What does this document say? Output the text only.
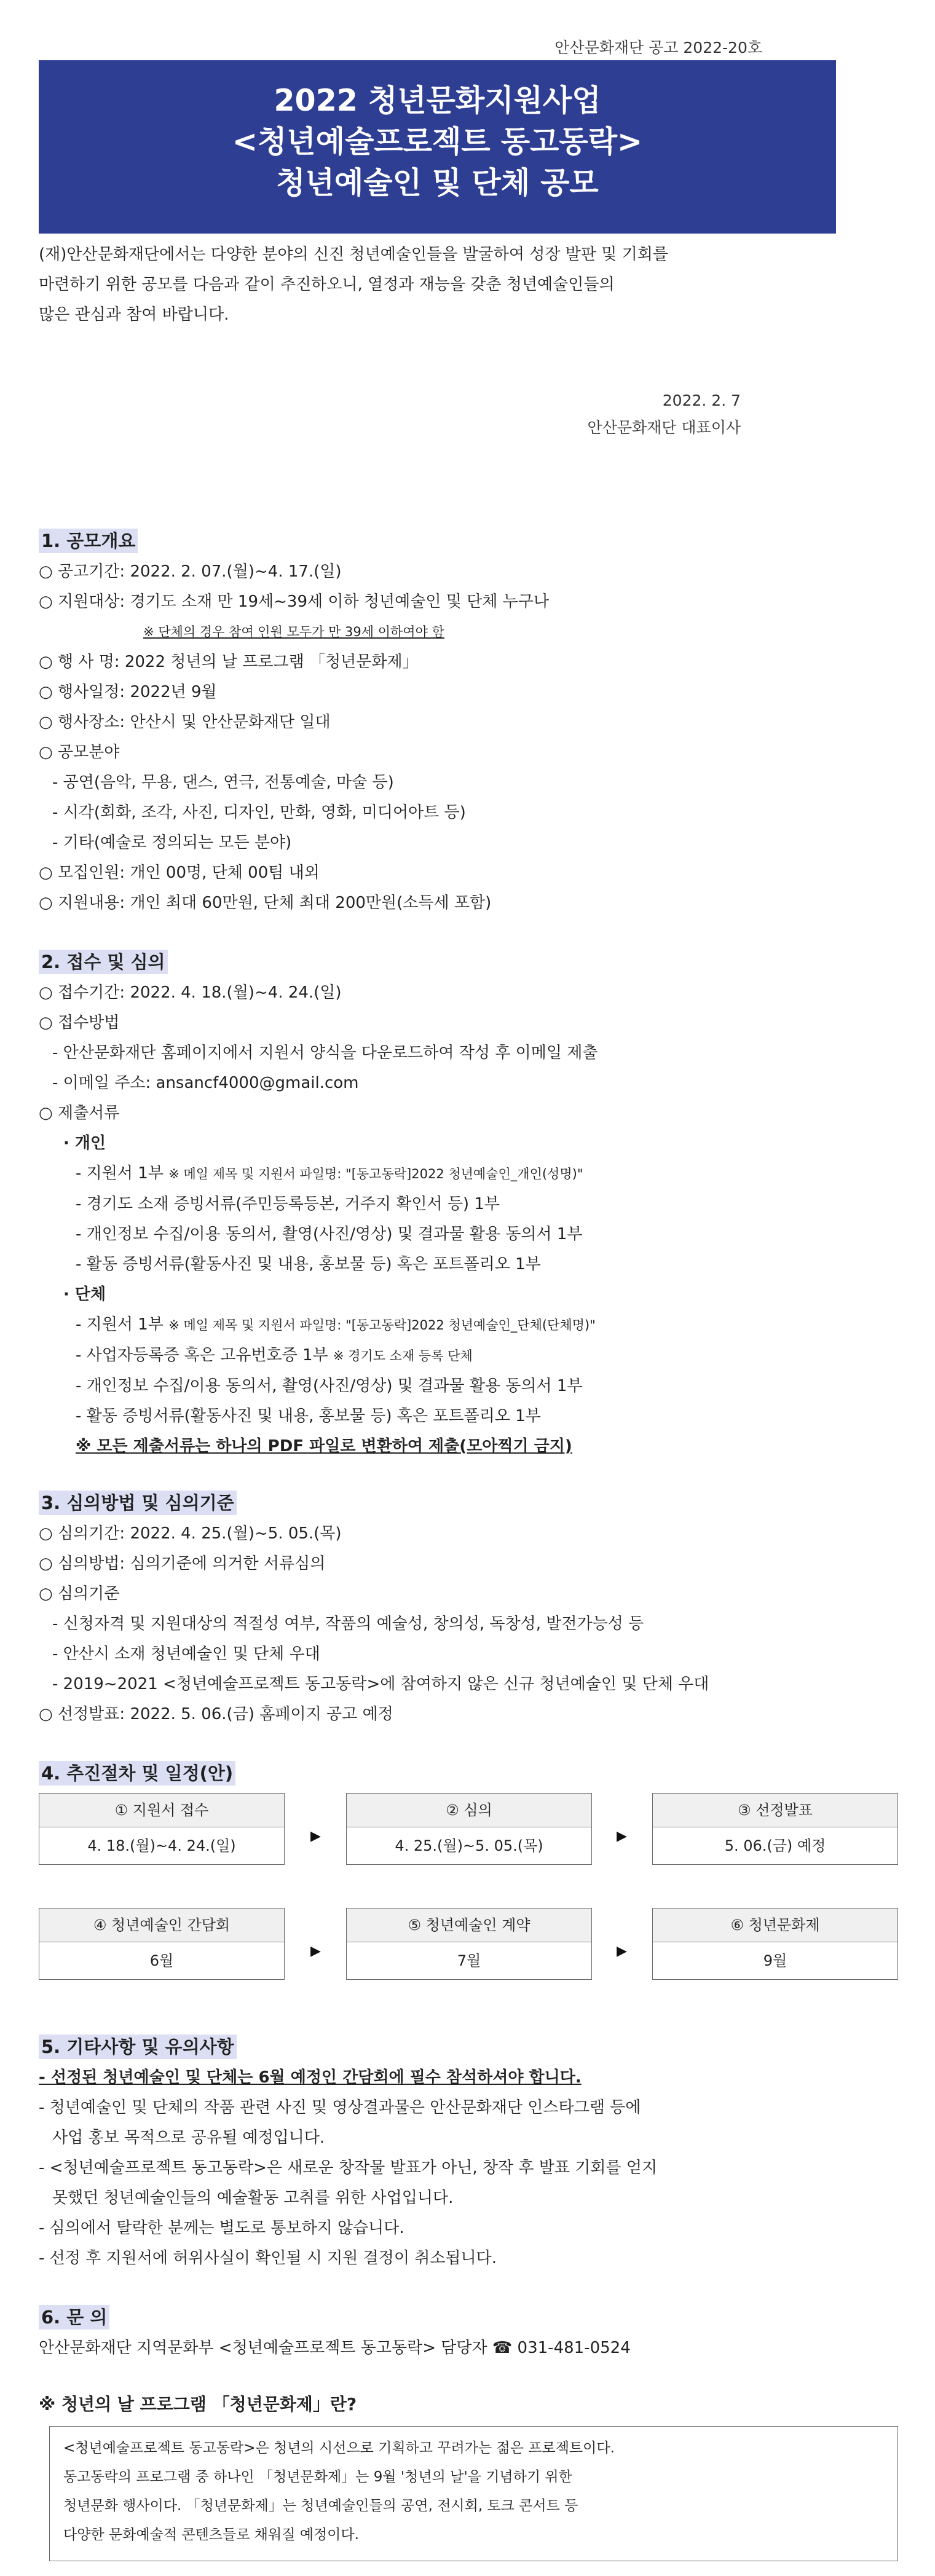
안산문화재단 공고 2022-20호
2022 청년문화지원사업
<청년예술프로젝트 동고동락>
청년예술인 및 단체 공모
(재)안산문화재단에서는 다양한 분야의 신진 청년예술인들을 발굴하여 성장 발판 및 기회를
마련하기 위한 공모를 다음과 같이 추진하오니, 열정과 재능을 갖춘 청년예술인들의
많은 관심과 참여 바랍니다.
2022. 2. 7
안산문화재단 대표이사
1. 공모개요
○ 공고기간: 2022. 2. 07.(월)~4. 17.(일)
○ 지원대상: 경기도 소재 만 19세~39세 이하 청년예술인 및 단체 누구나
※ 단체의 경우 참여 인원 모두가 만 39세 이하여야 함
○ 행 사 명: 2022 청년의 날 프로그램 「청년문화제」
○ 행사일정: 2022년 9월
○ 행사장소: 안산시 및 안산문화재단 일대
○ 공모분야
- 공연(음악, 무용, 댄스, 연극, 전통예술, 마술 등)
- 시각(회화, 조각, 사진, 디자인, 만화, 영화, 미디어아트 등)
- 기타(예술로 정의되는 모든 분야)
○ 모집인원: 개인 00명, 단체 00팀 내외
○ 지원내용: 개인 최대 60만원, 단체 최대 200만원(소득세 포함)
2. 접수 및 심의
○ 접수기간: 2022. 4. 18.(월)~4. 24.(일)
○ 접수방법
- 안산문화재단 홈페이지에서 지원서 양식을 다운로드하여 작성 후 이메일 제출
- 이메일 주소: ansancf4000@gmail.com
○ 제출서류
· 개인
- 지원서 1부 ※ 메일 제목 및 지원서 파일명: "[동고동락]2022 청년예술인_개인(성명)"
- 경기도 소재 증빙서류(주민등록등본, 거주지 확인서 등) 1부
- 개인정보 수집/이용 동의서, 촬영(사진/영상) 및 결과물 활용 동의서 1부
- 활동 증빙서류(활동사진 및 내용, 홍보물 등) 혹은 포트폴리오 1부
· 단체
- 지원서 1부 ※ 메일 제목 및 지원서 파일명: "[동고동락]2022 청년예술인_단체(단체명)"
- 사업자등록증 혹은 고유번호증 1부 ※ 경기도 소재 등록 단체
- 개인정보 수집/이용 동의서, 촬영(사진/영상) 및 결과물 활용 동의서 1부
- 활동 증빙서류(활동사진 및 내용, 홍보물 등) 혹은 포트폴리오 1부
※ 모든 제출서류는 하나의 PDF 파일로 변환하여 제출(모아찍기 금지)
3. 심의방법 및 심의기준
○ 심의기간: 2022. 4. 25.(월)~5. 05.(목)
○ 심의방법: 심의기준에 의거한 서류심의
○ 심의기준
- 신청자격 및 지원대상의 적절성 여부, 작품의 예술성, 창의성, 독창성, 발전가능성 등
- 안산시 소재 청년예술인 및 단체 우대
- 2019~2021 <청년예술프로젝트 동고동락>에 참여하지 않은 신규 청년예술인 및 단체 우대
○ 선정발표: 2022. 5. 06.(금) 홈페이지 공고 예정
4. 추진절차 및 일정(안)
① 지원서 접수
4. 18.(월)~4. 24.(일)
▶
② 심의
4. 25.(월)~5. 05.(목)
▶
③ 선정발표
5. 06.(금) 예정
④ 청년예술인 간담회
6월
▶
⑤ 청년예술인 계약
7월
▶
⑥ 청년문화제
9월
5. 기타사항 및 유의사항
- 선정된 청년예술인 및 단체는 6월 예정인 간담회에 필수 참석하셔야 합니다.
- 청년예술인 및 단체의 작품 관련 사진 및 영상결과물은 안산문화재단 인스타그램 등에
사업 홍보 목적으로 공유될 예정입니다.
- <청년예술프로젝트 동고동락>은 새로운 창작물 발표가 아닌, 창작 후 발표 기회를 얻지
못했던 청년예술인들의 예술활동 고취를 위한 사업입니다.
- 심의에서 탈락한 분께는 별도로 통보하지 않습니다.
- 선정 후 지원서에 허위사실이 확인될 시 지원 결정이 취소됩니다.
6. 문 의
안산문화재단 지역문화부 <청년예술프로젝트 동고동락> 담당자 ☎ 031-481-0524
※ 청년의 날 프로그램 「청년문화제」란?
<청년예술프로젝트 동고동락>은 청년의 시선으로 기획하고 꾸려가는 젊은 프로젝트이다.
동고동락의 프로그램 중 하나인 「청년문화제」는 9월 '청년의 날'을 기념하기 위한
청년문화 행사이다. 「청년문화제」는 청년예술인들의 공연, 전시회, 토크 콘서트 등
다양한 문화예술적 콘텐츠들로 채워질 예정이다.
